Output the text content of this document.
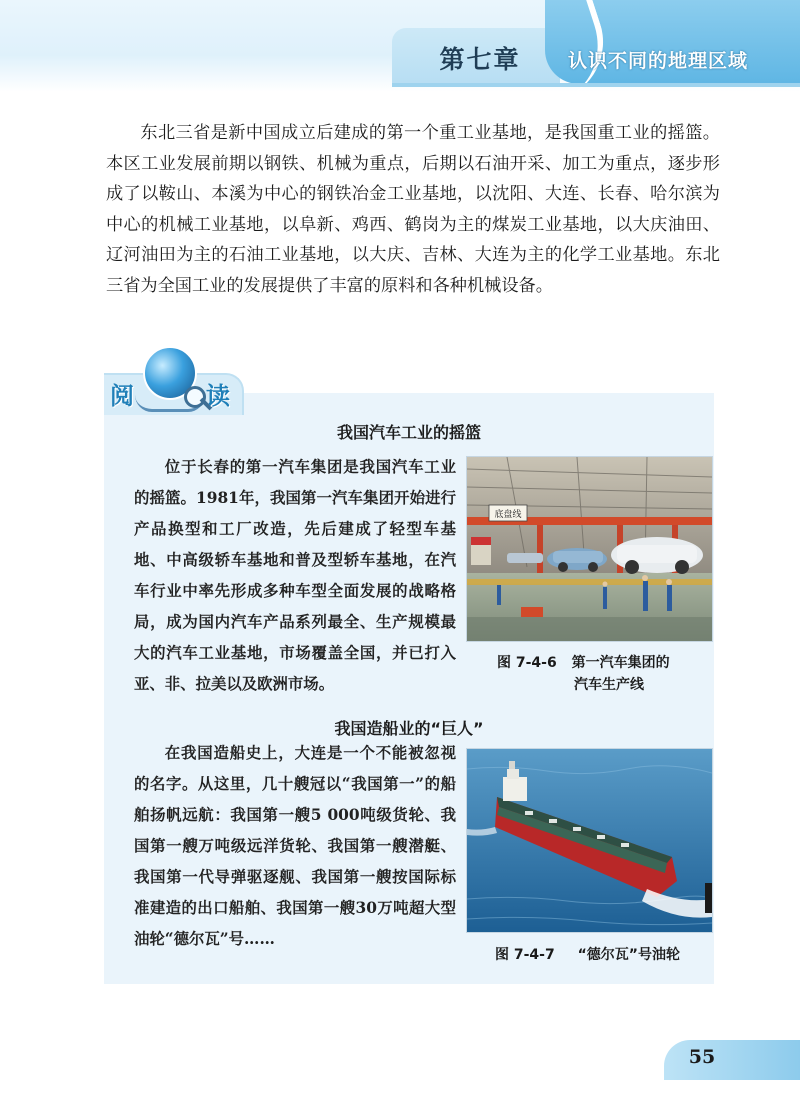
第七章	认识不同的地理区域

东北三省是新中国成立后建成的第一个重工业基地，是我国重工业的摇篮。本区工业发展前期以钢铁、机械为重点，后期以石油开采、加工为重点，逐步形成了以鞍山、本溪为中心的钢铁冶金工业基地，以沈阳、大连、长春、哈尔滨为中心的机械工业基地，以阜新、鸡西、鹤岗为主的煤炭工业基地，以大庆油田、辽河油田为主的石油工业基地，以大庆、吉林、大连为主的化学工业基地。东北三省为全国工业的发展提供了丰富的原料和各种机械设备。

阅	读
我国汽车工业的摇篮

位于长春的第一汽车集团是我国汽车工业的摇篮。1981年，我国第一汽车集团开始进行产品换型和工厂改造，先后建成了轻型车基地、中高级轿车基地和普及型轿车基地，在汽车行业中率先形成多种车型全面发展的战略格局，成为国内汽车产品系列最全、生产规模最大的汽车工业基地，市场覆盖全国，并已打入亚、非、拉美以及欧洲市场。

底盘线
图 7-4-6 第一汽车集团的
汽车生产线
我国造船业的“巨人”

在我国造船史上，大连是一个不能被忽视的名字。从这里，几十艘冠以“我国第一”的船舶扬帆远航：我国第一艘5 000吨级货轮、我国第一艘万吨级远洋货轮、我国第一艘潜艇、我国第一代导弹驱逐舰、我国第一艘按国际标准建造的出口船舶、我国第一艘30万吨超大型油轮“德尔瓦”号……

图 7-4-7 “德尔瓦”号油轮
55
